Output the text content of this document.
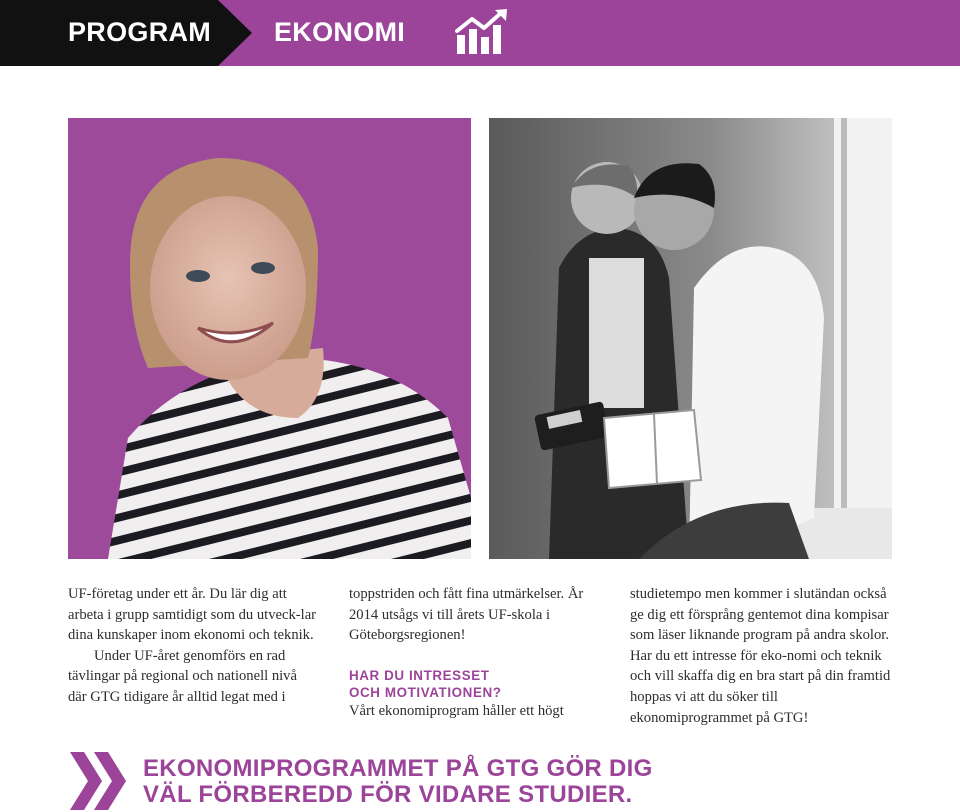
PROGRAM EKONOMI

UF-företag under ett år. Du lär dig att arbeta i grupp samtidigt som du utveck-lar dina kunskaper inom ekonomi och teknik.

Under UF-året genomförs en rad tävlingar på regional och nationell nivå där GTG tidigare år alltid legat med i

toppstriden och fått fina utmärkelser. År 2014 utsågs vi till årets UF-skola i Göteborgsregionen!

HAR DU INTRESSET
OCH MOTIVATIONEN?

Vårt ekonomiprogram håller ett högt

studietempo men kommer i slutändan också ge dig ett försprång gentemot dina kompisar som läser liknande program på andra skolor. Har du ett intresse för eko-nomi och teknik och vill skaffa dig en bra start på din framtid hoppas vi att du söker till ekonomiprogrammet på GTG!

EKONOMIPROGRAMMET PÅ GTG GÖR DIG
VÄL FÖRBEREDD FÖR VIDARE STUDIER.
